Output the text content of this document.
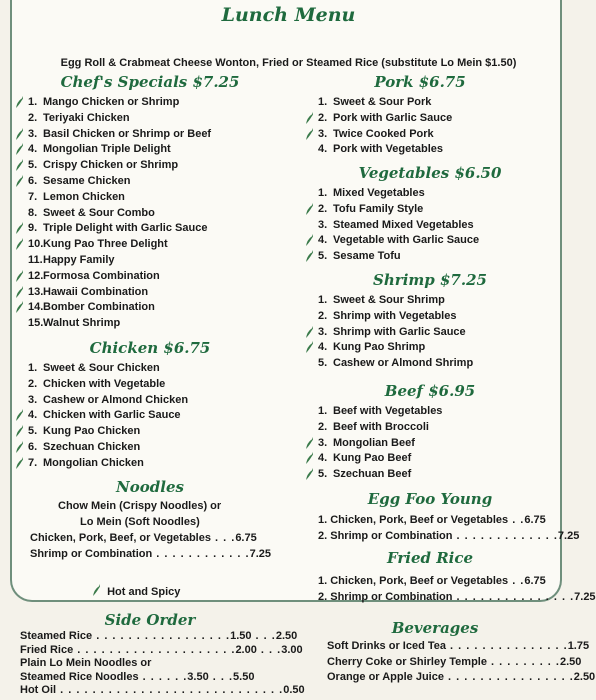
Lunch Menu
Egg Roll & Crabmeat Cheese Wonton, Fried or Steamed Rice (substitute Lo Mein $1.50)
Chef's Specials $7.25
1. Mango Chicken or Shrimp
2. Teriyaki Chicken
3. Basil Chicken or Shrimp or Beef
4. Mongolian Triple Delight
5. Crispy Chicken or Shrimp
6. Sesame Chicken
7. Lemon Chicken
8. Sweet & Sour Combo
9. Triple Delight with Garlic Sauce
10.Kung Pao Three Delight
11.Happy Family
12.Formosa Combination
13.Hawaii Combination
14.Bomber Combination
15.Walnut Shrimp
Chicken $6.75
1. Sweet & Sour Chicken
2. Chicken with Vegetable
3. Cashew or Almond Chicken
4. Chicken with Garlic Sauce
5. Kung Pao Chicken
6. Szechuan Chicken
7. Mongolian Chicken
Noodles
Chow Mein (Crispy Noodles) or
Lo Mein (Soft Noodles)
Chicken, Pork, Beef, or Vegetables . . .6.75
Shrimp or Combination . . . . . . . . . . . .7.25
Hot and Spicy
Pork $6.75
1. Sweet & Sour Pork
2. Pork with Garlic Sauce
3. Twice Cooked Pork
4. Pork with Vegetables
Vegetables $6.50
1. Mixed Vegetables
2. Tofu Family Style
3. Steamed Mixed Vegetables
4. Vegetable with Garlic Sauce
5. Sesame Tofu
Shrimp $7.25
1. Sweet & Sour Shrimp
2. Shrimp with Vegetables
3. Shrimp with Garlic Sauce
4. Kung Pao Shrimp
5. Cashew or Almond Shrimp
Beef $6.95
1. Beef with Vegetables
2. Beef with Broccoli
3. Mongolian Beef
4. Kung Pao Beef
5. Szechuan Beef
Egg Foo Young
1. Chicken, Pork, Beef or Vegetables . .6.75
2. Shrimp or Combination . . . . . . . . . . . . .7.25
Fried Rice
1. Chicken, Pork, Beef or Vegetables . .6.75
2. Shrimp or Combination . . . . . . . . . . . . . . .7.25
Side Order
Steamed Rice . . . . . . . . . . . . . . . . .1.50 . . .2.50
Fried Rice . . . . . . . . . . . . . . . . . . . .2.00 . . .3.00
Plain Lo Mein Noodles or
Steamed Rice Noodles . . . . . .3.50 . . .5.50
Hot Oil . . . . . . . . . . . . . . . . . . . . . . . . . . . .0.50
Beverages
Soft Drinks or Iced Tea . . . . . . . . . . . . . . .1.75
Cherry Coke or Shirley Temple . . . . . . . . .2.50
Orange or Apple Juice . . . . . . . . . . . . . . . .2.50
